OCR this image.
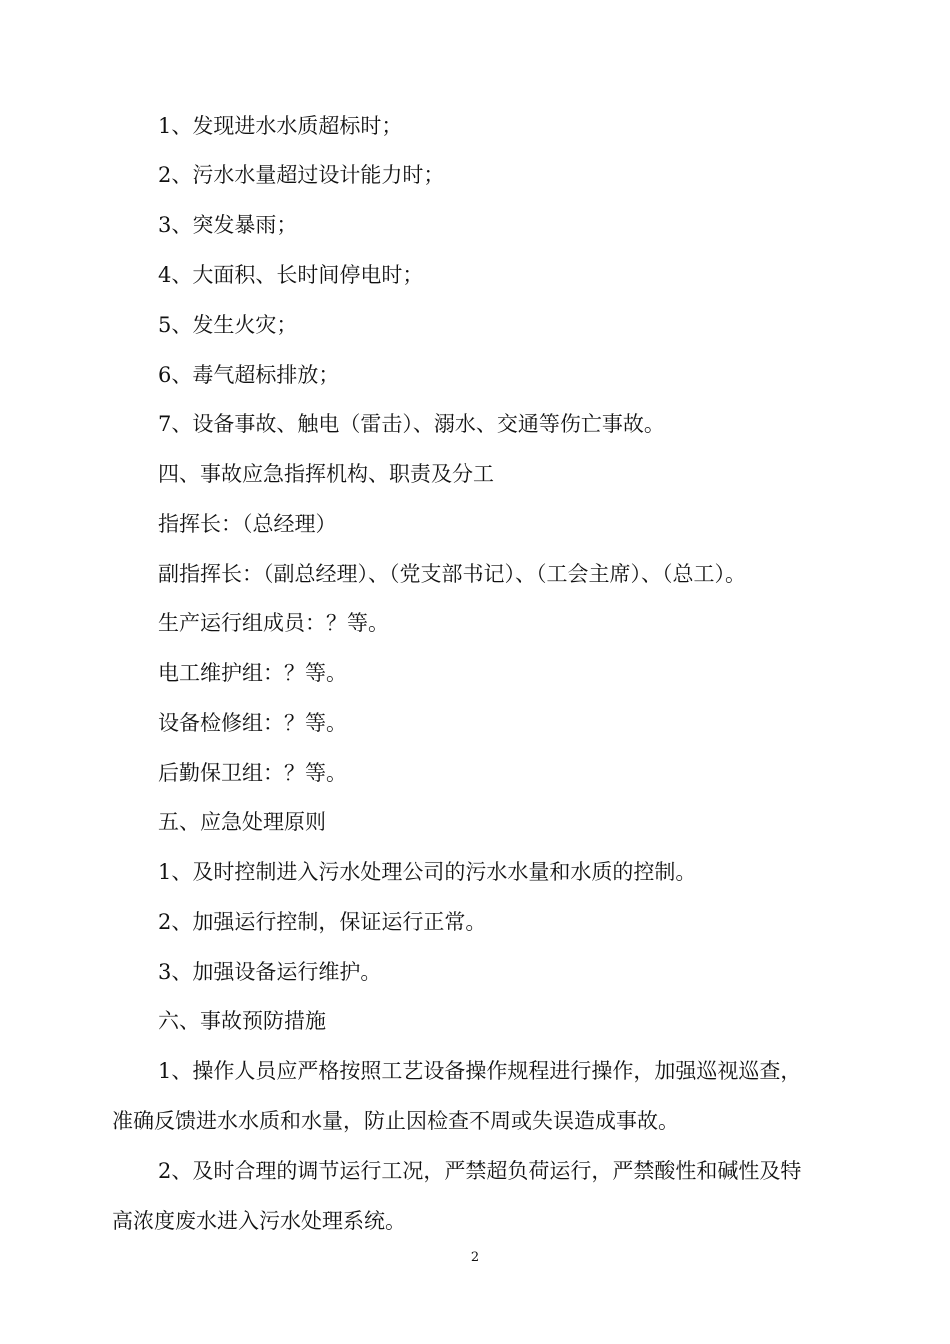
1、发现进水水质超标时；
2、污水水量超过设计能力时；
3、突发暴雨；
4、大面积、长时间停电时；
5、发生火灾；
6、毒气超标排放；
7、设备事故、触电（雷击）、溺水、交通等伤亡事故。
四、事故应急指挥机构、职责及分工
指挥长：（总经理）
副指挥长：（副总经理）、（党支部书记）、（工会主席）、（总工）。
生产运行组成员：？等。
电工维护组：？等。
设备检修组：？等。
后勤保卫组：？等。
五、应急处理原则
1、及时控制进入污水处理公司的污水水量和水质的控制。
2、加强运行控制，保证运行正常。
3、加强设备运行维护。
六、事故预防措施
1、操作人员应严格按照工艺设备操作规程进行操作，加强巡视巡查，
准确反馈进水水质和水量，防止因检查不周或失误造成事故。
2、及时合理的调节运行工况，严禁超负荷运行，严禁酸性和碱性及特
高浓度废水进入污水处理系统。
2
